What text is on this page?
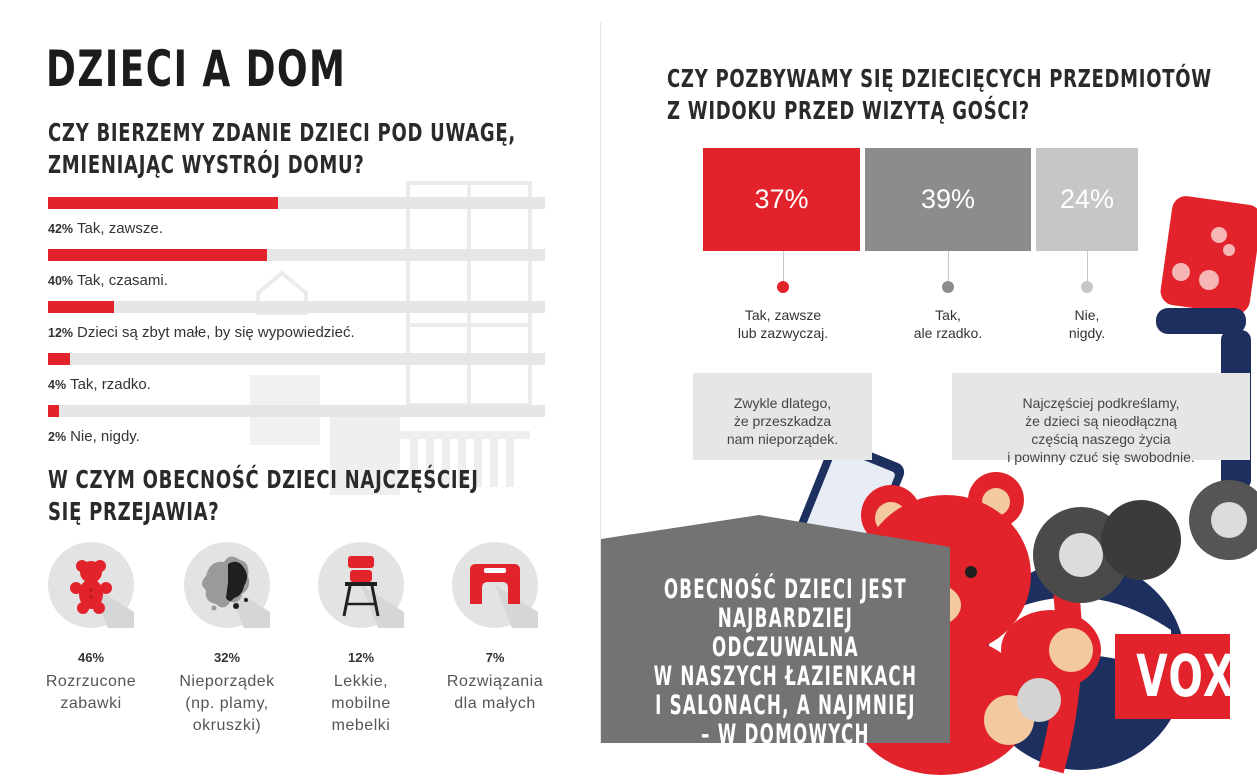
DZIECI A DOM
CZY BIERZEMY ZDANIE DZIECI POD UWAGĘ,
ZMIENIAJĄC WYSTRÓJ DOMU?
42% Tak, zawsze.
40% Tak, czasami.
12% Dzieci są zbyt małe, by się wypowiedzieć.
4% Tak, rzadko.
2% Nie, nigdy.
W CZYM OBECNOŚĆ DZIECI NAJCZĘŚCIEJ
SIĘ PRZEJAWIA?
46%
Rozrzucone
zabawki
32%
Nieporządek
(np. plamy,
okruszki)
12%
Lekkie,
mobilne
mebelki
7%
Rozwiązania
dla małych
CZY POZBYWAMY SIĘ DZIECIĘCYCH PRZEDMIOTÓW
Z WIDOKU PRZED WIZYTĄ GOŚCI?
37%
Tak, zawsze
lub zazwyczaj.
39%
Tak,
ale rzadko.
24%
Nie,
nigdy.
Zwykle dlatego,
że przeszkadza
nam nieporządek.
Najczęściej podkreślamy,
że dzieci są nieodłączną
częścią naszego życia
i powinny czuć się swobodnie.
OBECNOŚĆ DZIECI JEST
NAJBARDZIEJ ODCZUWALNA
W NASZYCH ŁAZIENKACH
I SALONACH, A NAJMNIEJ
– W DOMOWYCH BIURACH.
VOX
